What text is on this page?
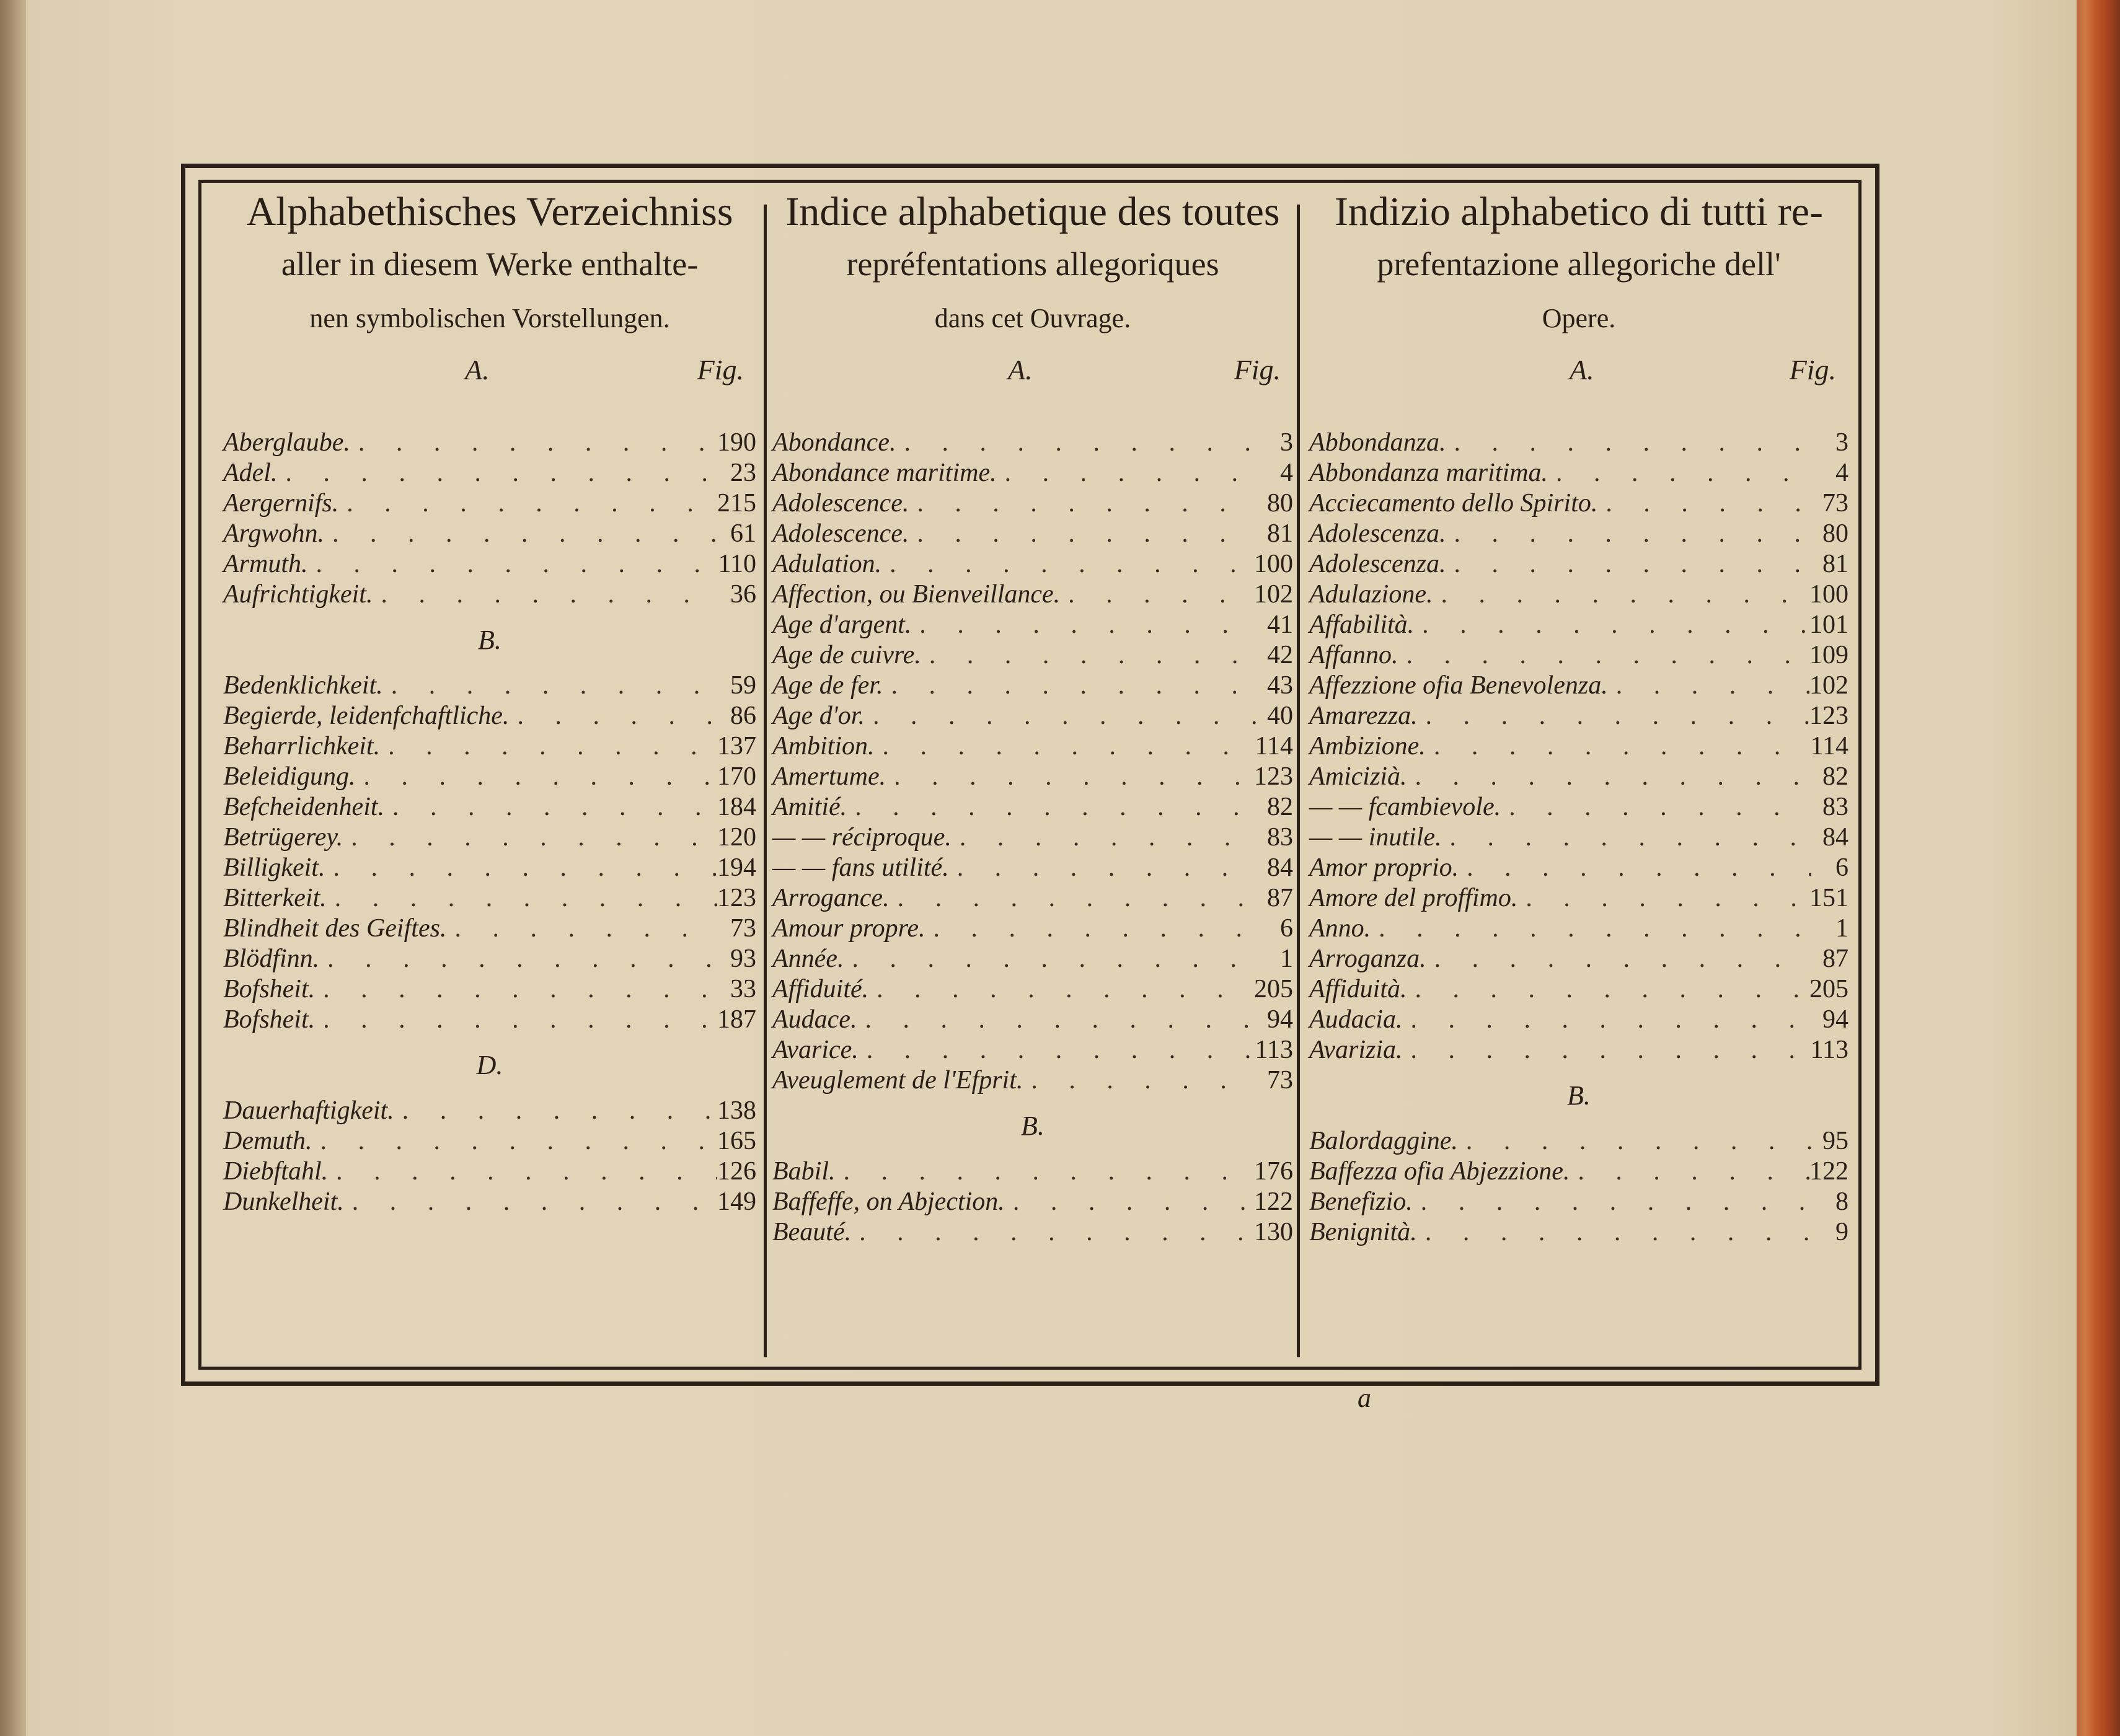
Alphabethisches Verzeichniss
aller in diesem Werke enthalte-
nen symbolischen Vorstellungen.
A.	Fig.
Aberglaube. . . .	190
Adel. . . .	23
Aergernifs. . . .	215
Argwohn. . . .	61
Armuth. . . .	110
Aufrichtigkeit. . . .	36
B.
Bedenklichkeit. . . .	59
Begierde, leidenfchaftliche. . . .	86
Beharrlichkeit. . . .	137
Beleidigung. . . .	170
Befcheidenheit. . . .	184
Betrügerey. . . .	120
Billigkeit. . . .	194
Bitterkeit. . . .	123
Blindheit des Geiftes. . . .	73
Blödfinn. . . .	93
Bofsheit. . . .	33
Bofsheit. . . .	187
D.
Dauerhaftigkeit. . . .	138
Demuth. . . .	165
Diebftahl. . . .	126
Dunkelheit. . . .	149
Indice alphabetique des toutes
repréfentations allegoriques
dans cet Ouvrage.
A.	Fig.
Abondance. . . .	3
Abondance maritime. . . .	4
Adolescence. . . .	80
Adolescence. . . .	81
Adulation. . . .	100
Affection, ou Bienveillance. . . .	102
Age d'argent. . . .	41
Age de cuivre. . . .	42
Age de fer. . . .	43
Age d'or. . . .	40
Ambition. . . .	114
Amertume. . . .	123
Amitié. . . .	82
— — réciproque. . . .	83
— — fans utilité. . . .	84
Arrogance. . . .	87
Amour propre. . . .	6
Année. . . .	1
Affiduité. . . .	205
Audace. . . .	94
Avarice. . . .	113
Aveuglement de l'Efprit. . . .	73
B.
Babil. . . .	176
Baffeffe, on Abjection. . . .	122
Beauté. . . .	130
Indizio alphabetico di tutti re-
prefentazione allegoriche dell'
Opere.
A.	Fig.
Abbondanza. . . .	3
Abbondanza maritima. . . .	4
Acciecamento dello Spirito. . . .	73
Adolescenza. . . .	80
Adolescenza. . . .	81
Adulazione. . . .	100
Affabilità. . . .	101
Affanno. . . .	109
Affezzione ofia Benevolenza. . . .	102
Amarezza. . . .	123
Ambizione. . . .	114
Amicizià. . . .	82
— — fcambievole. . . .	83
— — inutile. . . .	84
Amor proprio. . . .	6
Amore del proffimo. . . .	151
Anno. . . .	1
Arroganza. . . .	87
Affiduità. . . .	205
Audacia. . . .	94
Avarizia. . . .	113
B.
Balordaggine. . . .	95
Baffezza ofia Abjezzione. . . .	122
Benefizio. . . .	8
Benignità. . . .	9
a
